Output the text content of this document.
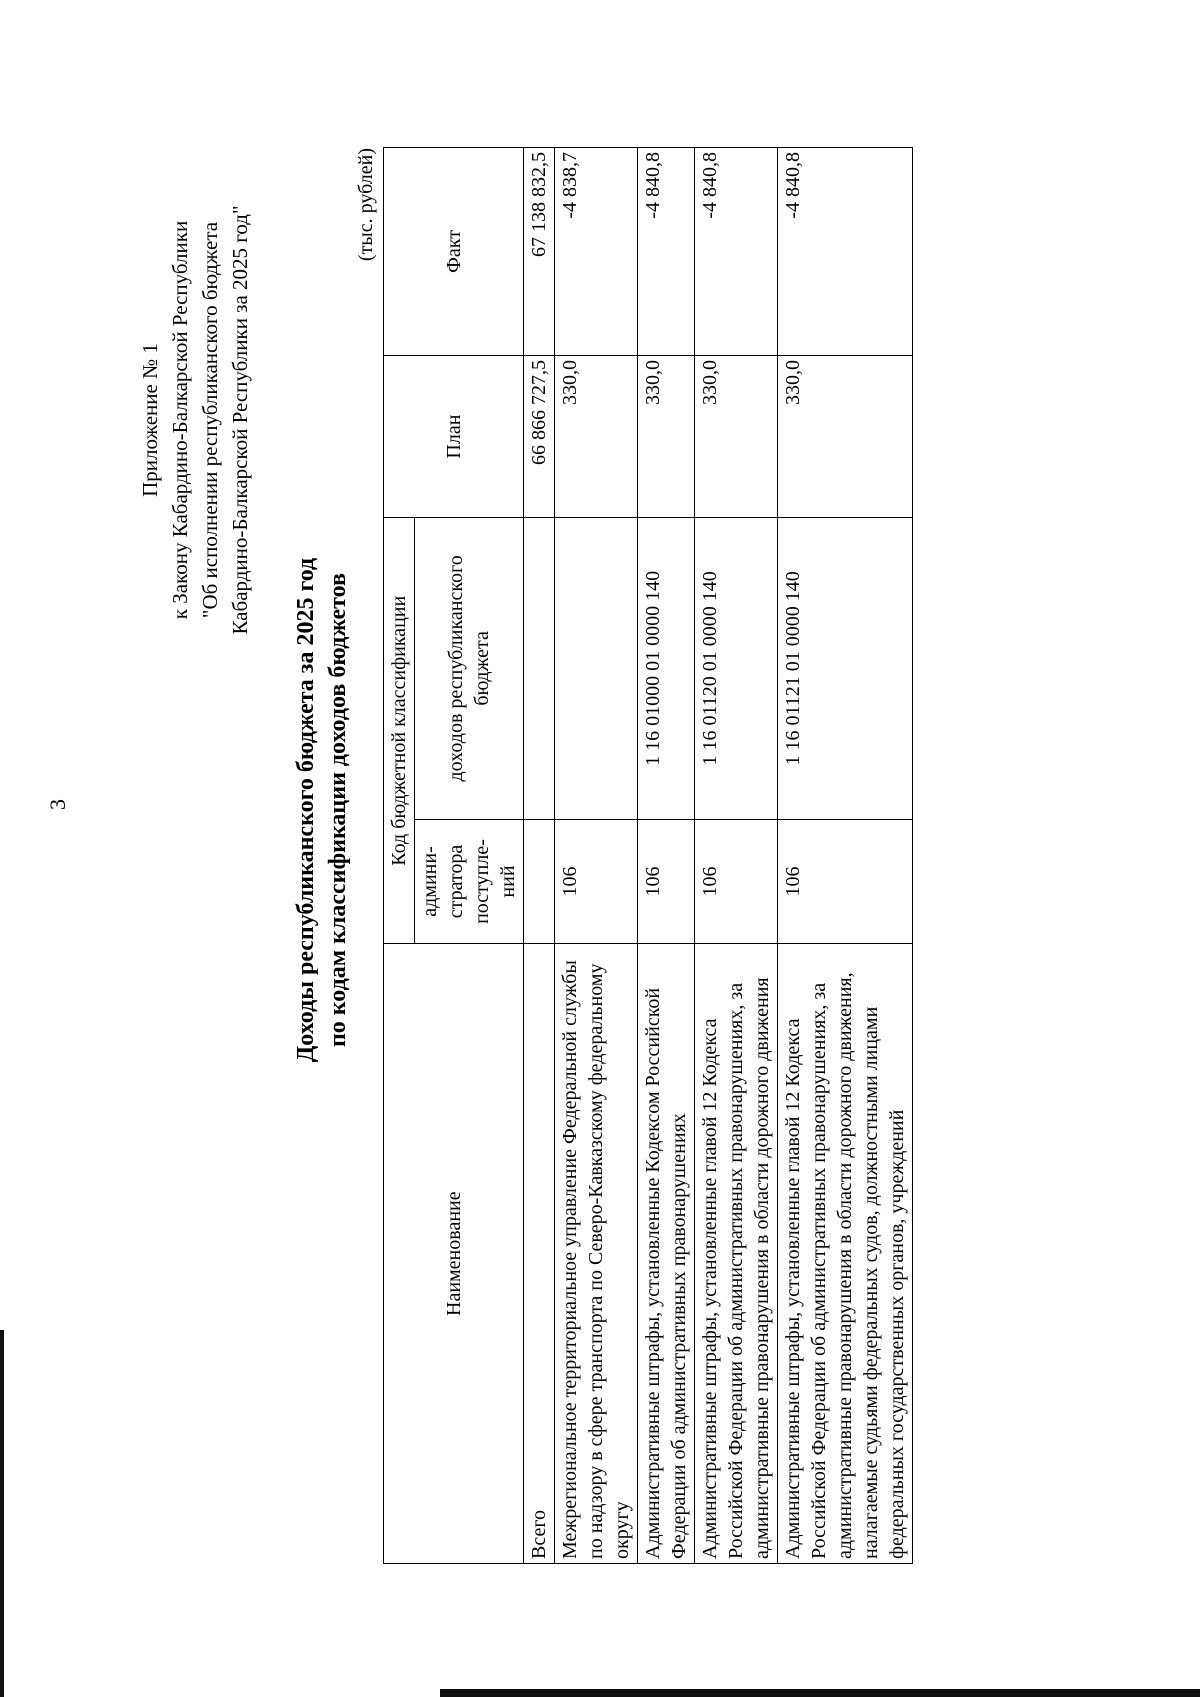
3
Приложение № 1 к Закону Кабардино-Балкарской Республики "Об исполнении республиканского бюджета Кабардино-Балкарской Республики за 2025 год"
Доходы республиканского бюджета за 2025 год по кодам классификации доходов бюджетов
(тыс. рублей)
Наименование	Код бюджетной классификации		План	Факт
	админи-стратора поступле-ний	доходов республиканского бюджета		
Всего			66 866 727,5	67 138 832,5
Межрегиональное территориальное управление Федеральной службы по надзору в сфере транспорта по Северо-Кавказскому федеральному округу	106		330,0	-4 838,7
Административные штрафы, установленные Кодексом Российской Федерации об административных правонарушениях	106	1 16 01000 01 0000 140	330,0	-4 840,8
Административные штрафы, установленные главой 12 Кодекса Российской Федерации об административных правонарушениях, за административные правонарушения в области дорожного движения	106	1 16 01120 01 0000 140	330,0	-4 840,8
Административные штрафы, установленные главой 12 Кодекса Российской Федерации об административных правонарушениях, за административные правонарушения в области дорожного движения, налагаемые судьями федеральных судов, должностными лицами федеральных государственных органов, учреждений	106	1 16 01121 01 0000 140	330,0	-4 840,8
